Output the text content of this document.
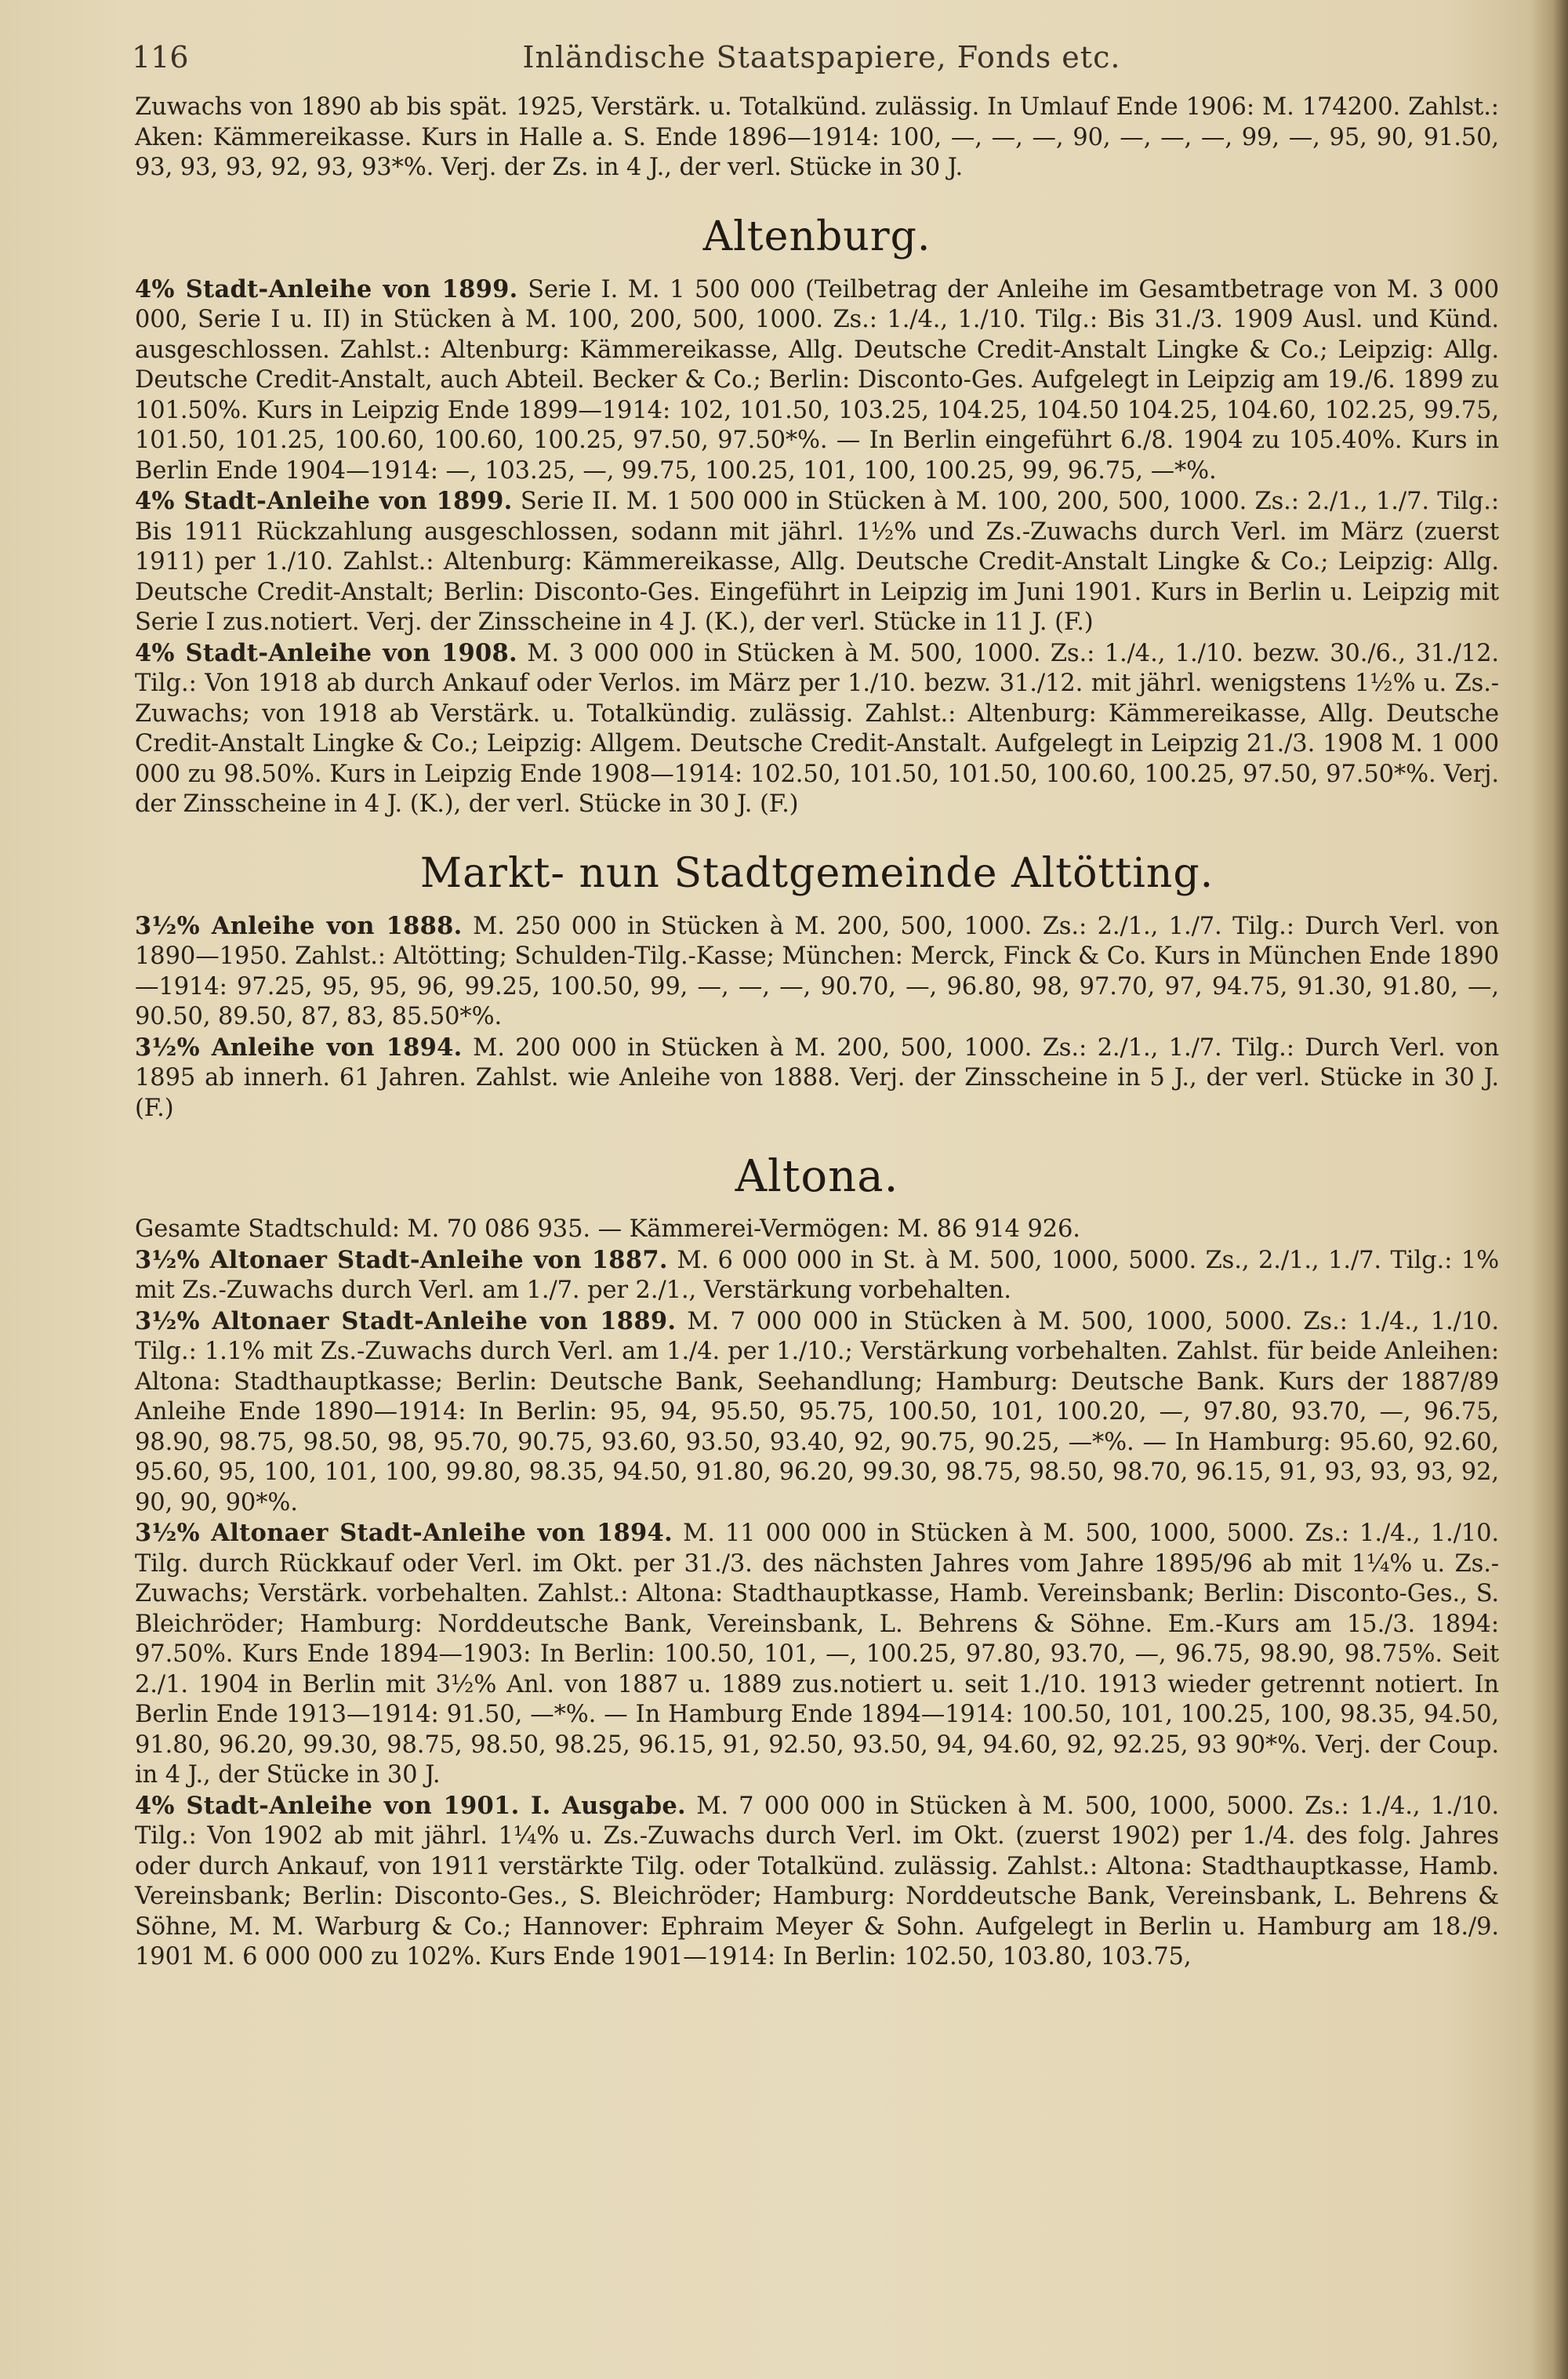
116	Inländische Staatspapiere, Fonds etc.

Zuwachs von 1890 ab bis spät. 1925, Verstärk. u. Totalkünd. zulässig. In Umlauf Ende 1906: M. 174200. Zahlst.: Aken: Kämmereikasse. Kurs in Halle a. S. Ende 1896—1914: 100, —, —, —, 90, —, —, —, 99, —, 95, 90, 91.50, 93, 93, 93, 92, 93, 93*%. Verj. der Zs. in 4 J., der verl. Stücke in 30 J.

Altenburg.

4% Stadt-Anleihe von 1899. Serie I. M. 1 500 000 (Teilbetrag der Anleihe im Gesamtbetrage von M. 3 000 000, Serie I u. II) in Stücken à M. 100, 200, 500, 1000. Zs.: 1./4., 1./10. Tilg.: Bis 31./3. 1909 Ausl. und Künd. ausgeschlossen. Zahlst.: Altenburg: Kämmereikasse, Allg. Deutsche Credit-Anstalt Lingke & Co.; Leipzig: Allg. Deutsche Credit-Anstalt, auch Abteil. Becker & Co.; Berlin: Disconto-Ges. Aufgelegt in Leipzig am 19./6. 1899 zu 101.50%. Kurs in Leipzig Ende 1899—1914: 102, 101.50, 103.25, 104.25, 104.50 104.25, 104.60, 102.25, 99.75, 101.50, 101.25, 100.60, 100.60, 100.25, 97.50, 97.50*%. — In Berlin eingeführt 6./8. 1904 zu 105.40%. Kurs in Berlin Ende 1904—1914: —, 103.25, —, 99.75, 100.25, 101, 100, 100.25, 99, 96.75, —*%.

4% Stadt-Anleihe von 1899. Serie II. M. 1 500 000 in Stücken à M. 100, 200, 500, 1000. Zs.: 2./1., 1./7. Tilg.: Bis 1911 Rückzahlung ausgeschlossen, sodann mit jährl. 1½% und Zs.-Zuwachs durch Verl. im März (zuerst 1911) per 1./10. Zahlst.: Altenburg: Kämmereikasse, Allg. Deutsche Credit-Anstalt Lingke & Co.; Leipzig: Allg. Deutsche Credit-Anstalt; Berlin: Disconto-Ges. Eingeführt in Leipzig im Juni 1901. Kurs in Berlin u. Leipzig mit Serie I zus.notiert. Verj. der Zinsscheine in 4 J. (K.), der verl. Stücke in 11 J. (F.)

4% Stadt-Anleihe von 1908. M. 3 000 000 in Stücken à M. 500, 1000. Zs.: 1./4., 1./10. bezw. 30./6., 31./12. Tilg.: Von 1918 ab durch Ankauf oder Verlos. im März per 1./10. bezw. 31./12. mit jährl. wenigstens 1½% u. Zs.-Zuwachs; von 1918 ab Verstärk. u. Totalkündig. zulässig. Zahlst.: Altenburg: Kämmereikasse, Allg. Deutsche Credit-Anstalt Lingke & Co.; Leipzig: Allgem. Deutsche Credit-Anstalt. Aufgelegt in Leipzig 21./3. 1908 M. 1 000 000 zu 98.50%. Kurs in Leipzig Ende 1908—1914: 102.50, 101.50, 101.50, 100.60, 100.25, 97.50, 97.50*%. Verj. der Zinsscheine in 4 J. (K.), der verl. Stücke in 30 J. (F.)

Markt- nun Stadtgemeinde Altötting.

3½% Anleihe von 1888. M. 250 000 in Stücken à M. 200, 500, 1000. Zs.: 2./1., 1./7. Tilg.: Durch Verl. von 1890—1950. Zahlst.: Altötting; Schulden-Tilg.-Kasse; München: Merck, Finck & Co. Kurs in München Ende 1890—1914: 97.25, 95, 95, 96, 99.25, 100.50, 99, —, —, —, 90.70, —, 96.80, 98, 97.70, 97, 94.75, 91.30, 91.80, —, 90.50, 89.50, 87, 83, 85.50*%.

3½% Anleihe von 1894. M. 200 000 in Stücken à M. 200, 500, 1000. Zs.: 2./1., 1./7. Tilg.: Durch Verl. von 1895 ab innerh. 61 Jahren. Zahlst. wie Anleihe von 1888. Verj. der Zinsscheine in 5 J., der verl. Stücke in 30 J. (F.)

Altona.

Gesamte Stadtschuld: M. 70 086 935. — Kämmerei-Vermögen: M. 86 914 926.

3½% Altonaer Stadt-Anleihe von 1887. M. 6 000 000 in St. à M. 500, 1000, 5000. Zs., 2./1., 1./7. Tilg.: 1% mit Zs.-Zuwachs durch Verl. am 1./7. per 2./1., Verstärkung vorbehalten.

3½% Altonaer Stadt-Anleihe von 1889. M. 7 000 000 in Stücken à M. 500, 1000, 5000. Zs.: 1./4., 1./10. Tilg.: 1.1% mit Zs.-Zuwachs durch Verl. am 1./4. per 1./10.; Verstärkung vorbehalten. Zahlst. für beide Anleihen: Altona: Stadthauptkasse; Berlin: Deutsche Bank, Seehandlung; Hamburg: Deutsche Bank. Kurs der 1887/89 Anleihe Ende 1890—1914: In Berlin: 95, 94, 95.50, 95.75, 100.50, 101, 100.20, —, 97.80, 93.70, —, 96.75, 98.90, 98.75, 98.50, 98, 95.70, 90.75, 93.60, 93.50, 93.40, 92, 90.75, 90.25, —*%. — In Hamburg: 95.60, 92.60, 95.60, 95, 100, 101, 100, 99.80, 98.35, 94.50, 91.80, 96.20, 99.30, 98.75, 98.50, 98.70, 96.15, 91, 93, 93, 93, 92, 90, 90, 90*%.

3½% Altonaer Stadt-Anleihe von 1894. M. 11 000 000 in Stücken à M. 500, 1000, 5000. Zs.: 1./4., 1./10. Tilg. durch Rückkauf oder Verl. im Okt. per 31./3. des nächsten Jahres vom Jahre 1895/96 ab mit 1¼% u. Zs.-Zuwachs; Verstärk. vorbehalten. Zahlst.: Altona: Stadthauptkasse, Hamb. Vereinsbank; Berlin: Disconto-Ges., S. Bleichröder; Hamburg: Norddeutsche Bank, Vereinsbank, L. Behrens & Söhne. Em.-Kurs am 15./3. 1894: 97.50%. Kurs Ende 1894—1903: In Berlin: 100.50, 101, —, 100.25, 97.80, 93.70, —, 96.75, 98.90, 98.75%. Seit 2./1. 1904 in Berlin mit 3½% Anl. von 1887 u. 1889 zus.notiert u. seit 1./10. 1913 wieder getrennt notiert. In Berlin Ende 1913—1914: 91.50, —*%. — In Hamburg Ende 1894—1914: 100.50, 101, 100.25, 100, 98.35, 94.50, 91.80, 96.20, 99.30, 98.75, 98.50, 98.25, 96.15, 91, 92.50, 93.50, 94, 94.60, 92, 92.25, 93 90*%. Verj. der Coup. in 4 J., der Stücke in 30 J.

4% Stadt-Anleihe von 1901. I. Ausgabe. M. 7 000 000 in Stücken à M. 500, 1000, 5000. Zs.: 1./4., 1./10. Tilg.: Von 1902 ab mit jährl. 1¼% u. Zs.-Zuwachs durch Verl. im Okt. (zuerst 1902) per 1./4. des folg. Jahres oder durch Ankauf, von 1911 verstärkte Tilg. oder Totalkünd. zulässig. Zahlst.: Altona: Stadthauptkasse, Hamb. Vereinsbank; Berlin: Disconto-Ges., S. Bleichröder; Hamburg: Norddeutsche Bank, Vereinsbank, L. Behrens & Söhne, M. M. Warburg & Co.; Hannover: Ephraim Meyer & Sohn. Aufgelegt in Berlin u. Hamburg am 18./9. 1901 M. 6 000 000 zu 102%. Kurs Ende 1901—1914: In Berlin: 102.50, 103.80, 103.75,
